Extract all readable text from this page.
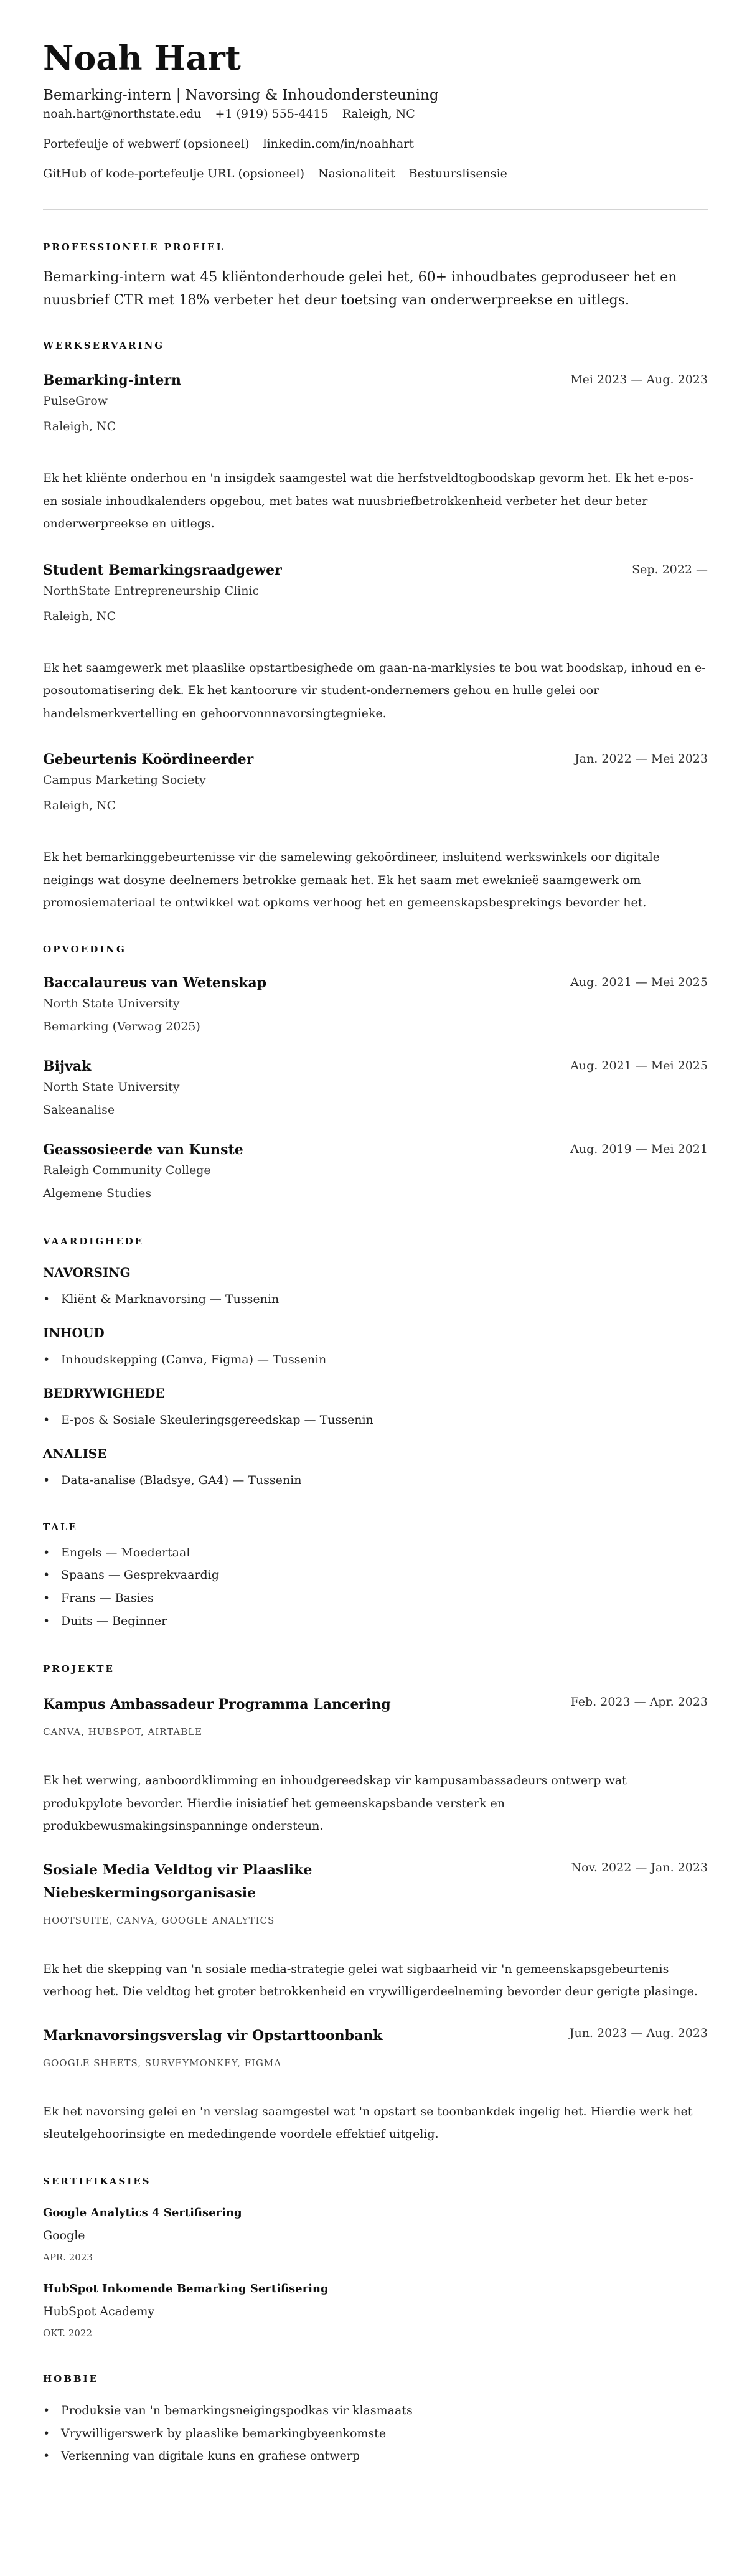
Noah Hart
Bemarking-intern | Navorsing & Inhoudondersteuning
noah.hart@northstate.edu +1 (919) 555-4415 Raleigh, NC
Portefeulje of webwerf (opsioneel) linkedin.com/in/noahhart
GitHub of kode-portefeulje URL (opsioneel) Nasionaliteit Bestuurslisensie
PROFESSIONELE PROFIEL

Bemarking-intern wat 45 kliëntonderhoude gelei het, 60+ inhoudbates geproduseer het en nuusbrief CTR met 18% verbeter het deur toetsing van onderwerpreekse en uitlegs.

WERKSERVARING
Bemarking-intern	Mei 2023 — Aug. 2023
PulseGrow
Raleigh, NC
Ek het kliënte onderhou en 'n insigdek saamgestel wat die herfstveldtogboodskap gevorm het. Ek het e-pos- en sosiale inhoudkalenders opgebou, met bates wat nuusbriefbetrokkenheid verbeter het deur beter onderwerpreekse en uitlegs.
Student Bemarkingsraadgewer	Sep. 2022 —
NorthState Entrepreneurship Clinic
Raleigh, NC
Ek het saamgewerk met plaaslike opstartbesighede om gaan-na-marklysies te bou wat boodskap, inhoud en e-posoutomatisering dek. Ek het kantoorure vir student-ondernemers gehou en hulle gelei oor handelsmerkvertelling en gehoorvonnnavorsingtegnieke.
Gebeurtenis Koördineerder	Jan. 2022 — Mei 2023
Campus Marketing Society
Raleigh, NC
Ek het bemarkinggebeurtenisse vir die samelewing gekoördineer, insluitend werkswinkels oor digitale neigings wat dosyne deelnemers betrokke gemaak het. Ek het saam met eweknieë saamgewerk om promosiemateriaal te ontwikkel wat opkoms verhoog het en gemeenskapsbesprekings bevorder het.
OPVOEDING
Baccalaureus van Wetenskap	Aug. 2021 — Mei 2025
North State University
Bemarking (Verwag 2025)
Bijvak	Aug. 2021 — Mei 2025
North State University
Sakeanalise
Geassosieerde van Kunste	Aug. 2019 — Mei 2021
Raleigh Community College
Algemene Studies
VAARDIGHEDE
NAVORSING
• Kliënt & Marknavorsing — Tussenin
INHOUD
• Inhoudskepping (Canva, Figma) — Tussenin
BEDRYWIGHEDE
• E-pos & Sosiale Skeuleringsgereedskap — Tussenin
ANALISE
• Data-analise (Bladsye, GA4) — Tussenin
TALE
• Engels — Moedertaal
• Spaans — Gesprekvaardig
• Frans — Basies
• Duits — Beginner
PROJEKTE
Kampus Ambassadeur Programma Lancering	Feb. 2023 — Apr. 2023
CANVA, HUBSPOT, AIRTABLE
Ek het werwing, aanboordklimming en inhoudgereedskap vir kampusambassadeurs ontwerp wat produkpylote bevorder. Hierdie inisiatief het gemeenskapsbande versterk en produkbewusmakingsinspanninge ondersteun.
Sosiale Media Veldtog vir Plaaslike Niebeskermingsorganisasie
Nov. 2022 — Jan. 2023
HOOTSUITE, CANVA, GOOGLE ANALYTICS
Ek het die skepping van 'n sosiale media-strategie gelei wat sigbaarheid vir 'n gemeenskapsgebeurtenis verhoog het. Die veldtog het groter betrokkenheid en vrywilligerdeelneming bevorder deur gerigte plasinge.
Marknavorsingsverslag vir Opstarttoonbank	Jun. 2023 — Aug. 2023
GOOGLE SHEETS, SURVEYMONKEY, FIGMA
Ek het navorsing gelei en 'n verslag saamgestel wat 'n opstart se toonbankdek ingelig het. Hierdie werk het sleutelgehoorinsigte en mededingende voordele effektief uitgelig.
SERTIFIKASIES
Google Analytics 4 Sertifisering
Google
APR. 2023
HubSpot Inkomende Bemarking Sertifisering
HubSpot Academy
OKT. 2022
HOBBIE
• Produksie van 'n bemarkingsneigingspodkas vir klasmaats
• Vrywilligerswerk by plaaslike bemarkingbyeenkomste
• Verkenning van digitale kuns en grafiese ontwerp
